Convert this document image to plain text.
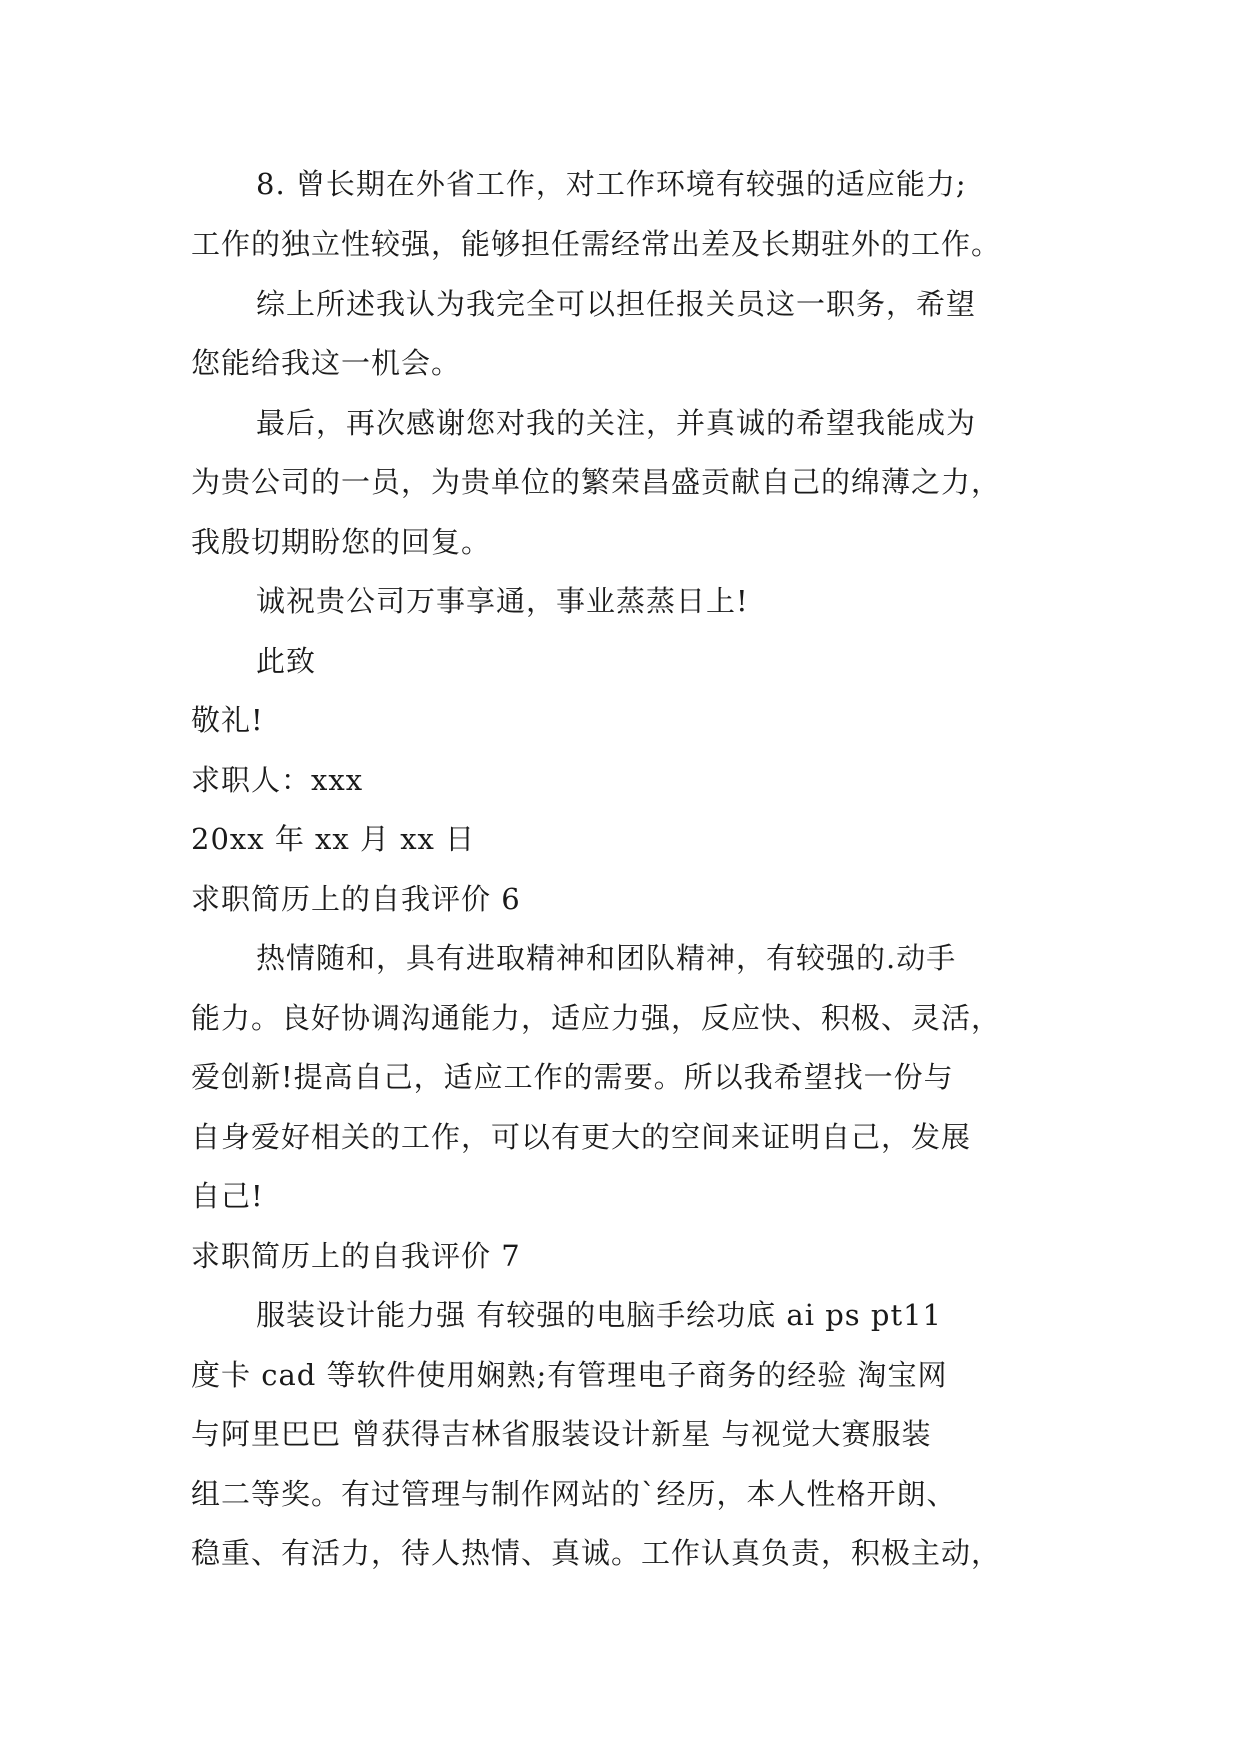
8. 曾长期在外省工作，对工作环境有较强的适应能力;
工作的独立性较强，能够担任需经常出差及长期驻外的工作。
综上所述我认为我完全可以担任报关员这一职务，希望
您能给我这一机会。
最后，再次感谢您对我的关注，并真诚的希望我能成为
为贵公司的一员，为贵单位的繁荣昌盛贡献自己的绵薄之力，
我殷切期盼您的回复。
诚祝贵公司万事享通，事业蒸蒸日上!
此致
敬礼!
求职人：xxx
20xx 年 xx 月 xx 日
求职简历上的自我评价 6
热情随和，具有进取精神和团队精神，有较强的.动手
能力。良好协调沟通能力，适应力强，反应快、积极、灵活，
爱创新!提高自己，适应工作的需要。所以我希望找一份与
自身爱好相关的工作，可以有更大的空间来证明自己，发展
自己!
求职简历上的自我评价 7
服装设计能力强 有较强的电脑手绘功底 ai ps pt11
度卡 cad 等软件使用娴熟;有管理电子商务的经验 淘宝网
与阿里巴巴 曾获得吉林省服装设计新星 与视觉大赛服装
组二等奖。有过管理与制作网站的`经历，本人性格开朗、
稳重、有活力，待人热情、真诚。工作认真负责，积极主动，
